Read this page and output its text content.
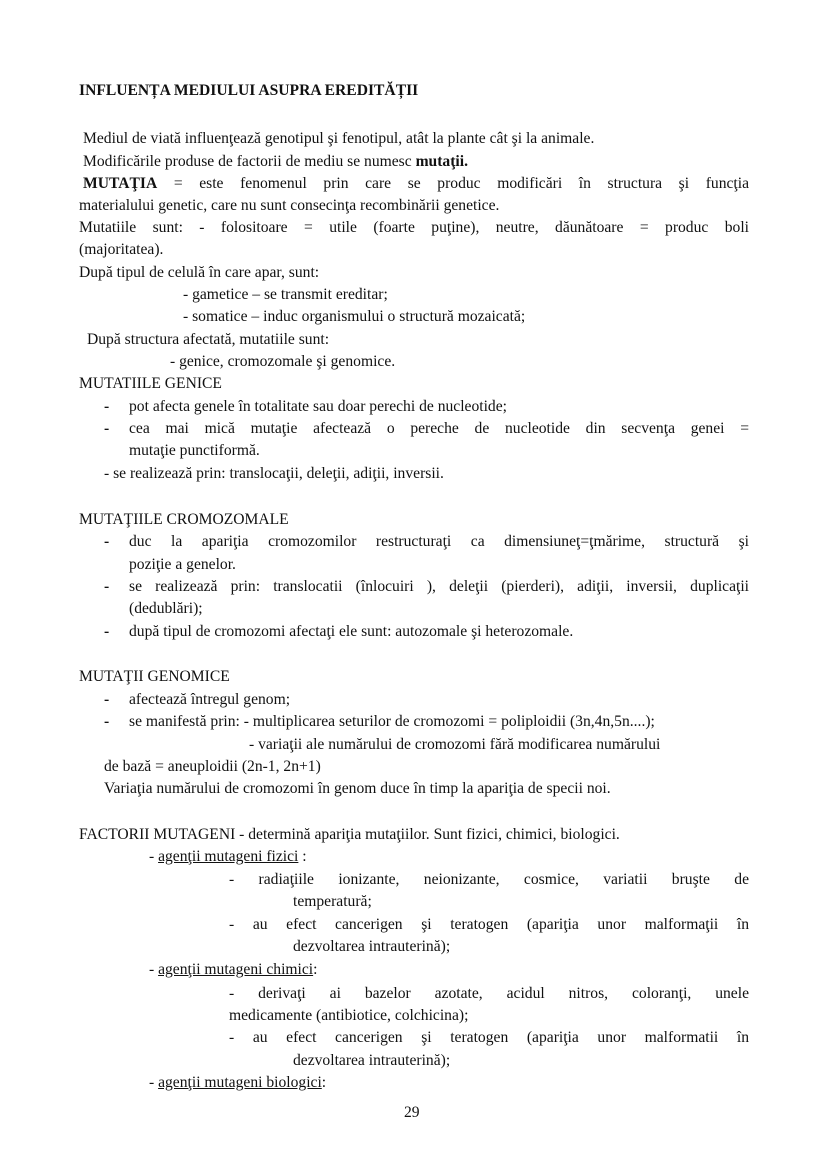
INFLUENȚA MEDIULUI ASUPRA EREDITĂȚII
Mediul de viată influenţează genotipul şi fenotipul, atât la plante cât şi la animale.
Modificările produse de factorii de mediu se numesc mutaţii.
MUTAŢIA = este fenomenul prin care se produc modificări în structura şi funcţia
materialului genetic, care nu sunt consecinţa recombinării genetice.
Mutatiile sunt: - folositoare = utile (foarte puţine), neutre, dăunătoare = produc boli
(majoritatea).
După tipul de celulă în care apar, sunt:
- gametice – se transmit ereditar;
- somatice – induc organismului o structură mozaicată;
După structura afectată, mutatiile sunt:
- genice, cromozomale şi genomice.
MUTATIILE GENICE
- pot afecta genele în totalitate sau doar perechi de nucleotide;
- cea mai mică mutaţie afectează o pereche de nucleotide din secvenţa genei =
mutaţie punctiformă.
- se realizează prin: translocaţii, deleţii, adiţii, inversii.
MUTAŢIILE CROMOZOMALE
- duc la apariţia cromozomilor restructuraţi ca dimensiuneţ=ţmărime, structură şi
poziţie a genelor.
- se realizează prin: translocatii (înlocuiri ), deleţii (pierderi), adiţii, inversii, duplicaţii
(dedublări);
- după tipul de cromozomi afectaţi ele sunt: autozomale şi heterozomale.
MUTAŢII GENOMICE
- afectează întregul genom;
- se manifestă prin: - multiplicarea seturilor de cromozomi = poliploidii (3n,4n,5n....);
- variaţii ale numărului de cromozomi fără modificarea numărului
de bază = aneuploidii (2n-1, 2n+1)
Variaţia numărului de cromozomi în genom duce în timp la apariţia de specii noi.
FACTORII MUTAGENI - determină apariţia mutaţiilor. Sunt fizici, chimici, biologici.
- agenţii mutageni fizici :
- radiaţiile ionizante, neionizante, cosmice, variatii bruşte de
temperatură;
- au efect cancerigen şi teratogen (apariţia unor malformaţii în
dezvoltarea intrauterină);
- agenţii mutageni chimici:
- derivaţi ai bazelor azotate, acidul nitros, coloranţi, unele
medicamente (antibiotice, colchicina);
- au efect cancerigen şi teratogen (apariţia unor malformatii în
dezvoltarea intrauterină);
- agenţii mutageni biologici:
29
